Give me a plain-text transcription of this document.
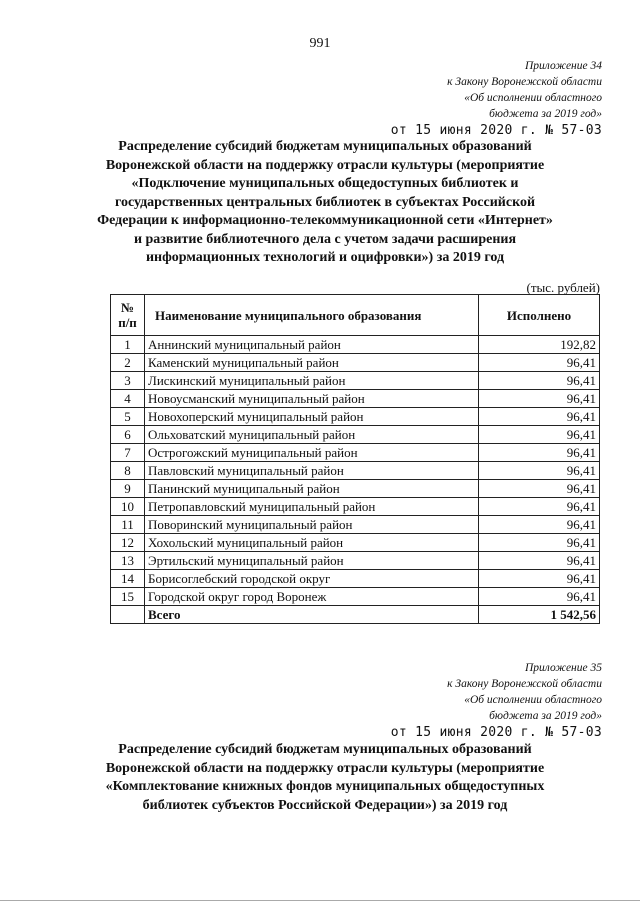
991
Приложение 34
к Закону Воронежской области
«Об исполнении областного
бюджета за 2019 год»
от 15 июня 2020 г. № 57-03
Распределение субсидий бюджетам муниципальных образований Воронежской области на поддержку отрасли культуры (мероприятие «Подключение муниципальных общедоступных библиотек и государственных центральных библиотек в субъектах Российской Федерации к информационно-телекоммуникационной сети «Интернет» и развитие библиотечного дела с учетом задачи расширения информационных технологий и оцифровки») за 2019 год
(тыс. рублей)
№ п/п	Наименование муниципального образования	Исполнено
1	Аннинский муниципальный район	192,82
2	Каменский муниципальный район	96,41
3	Лискинский муниципальный район	96,41
4	Новоусманский муниципальный район	96,41
5	Новохоперский муниципальный район	96,41
6	Ольховатский муниципальный район	96,41
7	Острогожский муниципальный район	96,41
8	Павловский муниципальный район	96,41
9	Панинский муниципальный район	96,41
10	Петропавловский муниципальный район	96,41
11	Поворинский муниципальный район	96,41
12	Хохольский муниципальный район	96,41
13	Эртильский муниципальный район	96,41
14	Борисоглебский городской округ	96,41
15	Городской округ город Воронеж	96,41
	Всего	1 542,56
Приложение 35
к Закону Воронежской области
«Об исполнении областного
бюджета за 2019 год»
от 15 июня 2020 г. № 57-03
Распределение субсидий бюджетам муниципальных образований Воронежской области на поддержку отрасли культуры (мероприятие «Комплектование книжных фондов муниципальных общедоступных библиотек субъектов Российской Федерации») за 2019 год
